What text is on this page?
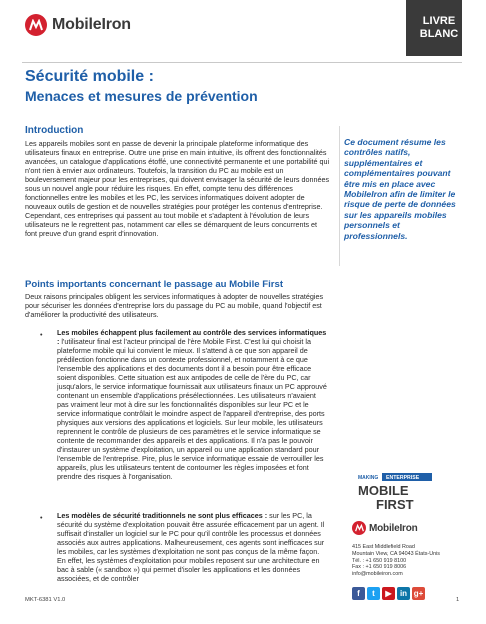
MobileIron	LIVRE
BLANC
Sécurité mobile :
Menaces et mesures de prévention
Introduction
Les appareils mobiles sont en passe de devenir la principale plateforme informatique des utilisateurs finaux en entreprise. Outre une prise en main intuitive, ils offrent des fonctionnalités avancées, un catalogue d'applications étoffé, une connectivité permanente et une portabilité qui n'ont rien à envier aux ordinateurs. Toutefois, la transition du PC au mobile est un bouleversement majeur pour les entreprises, qui doivent envisager la sécurité de leurs données sous un nouvel angle pour réduire les risques. En effet, compte tenu des différences fonctionnelles entre les mobiles et les PC, les services informatiques doivent adopter de nouveaux outils de gestion et de nouvelles stratégies pour protéger les contenus d'entreprise. Cependant, ces entreprises qui passent au tout mobile et s'adaptent à l'évolution de leurs utilisateurs ne le regrettent pas, notamment car elles se démarquent de leurs concurrents et font preuve d'un grand esprit d'innovation.
Ce document résume les contrôles natifs, supplémentaires et complémentaires pouvant être mis en place avec MobileIron afin de limiter le risque de perte de données sur les appareils mobiles personnels et professionnels.
Points importants concernant le passage au Mobile First
Deux raisons principales obligent les services informatiques à adopter de nouvelles stratégies pour sécuriser les données d'entreprise lors du passage du PC au mobile, quand l'objectif est d'améliorer la productivité des utilisateurs.
• Les mobiles échappent plus facilement au contrôle des services informatiques : l'utilisateur final est l'acteur principal de l'ère Mobile First. C'est lui qui choisit la plateforme mobile qui lui convient le mieux. Il s'attend à ce que son appareil de prédilection fonctionne dans un contexte professionnel, et notamment à ce que l'ensemble des applications et des documents dont il a besoin pour être efficace soient disponibles. Cette situation est aux antipodes de celle de l'ère du PC, car jusqu'alors, le service informatique fournissait aux utilisateurs finaux un PC approuvé contenant un ensemble d'applications présélectionnées. Les utilisateurs n'avaient pas vraiment leur mot à dire sur les fonctionnalités disponibles sur leur PC et le service informatique contrôlait le moindre aspect de l'appareil d'entreprise, des ports physiques aux versions des applications et logiciels. Sur leur mobile, les utilisateurs reprennent le contrôle de plusieurs de ces paramètres et le service informatique se contente de recommander des appareils et des applications. Il n'a pas le pouvoir d'instaurer un système d'exploitation, un appareil ou une application standard pour l'ensemble de l'entreprise. Pire, plus le service informatique essaie de verrouiller les appareils, plus les utilisateurs tentent de contourner les règles imposées et font prendre des risques à l'organisation.
• Les modèles de sécurité traditionnels ne sont plus efficaces : sur les PC, la sécurité du système d'exploitation pouvait être assurée efficacement par un agent. Il suffisait d'installer un logiciel sur le PC pour qu'il contrôle les processus et données associés aux autres applications. Malheureusement, ces agents sont inefficaces sur les mobiles, car les systèmes d'exploitation ne sont pas conçus de la même façon. En effet, les systèmes d'exploitation pour mobiles reposent sur une architecture en bac à sable (« sandbox ») qui permet d'isoler les applications et les données associées, et de contrôler
MAKING ENTERPRISE
MOBILE
FIRST
MobileIron
415 East Middlefield Road
Mountain View, CA 94043 États-Unis
Tél. : +1 650 919 8100
Fax : +1 650 919 8006
info@mobileiron.com
f	t	▶	in g+
MKT-6381 V1.0	1
